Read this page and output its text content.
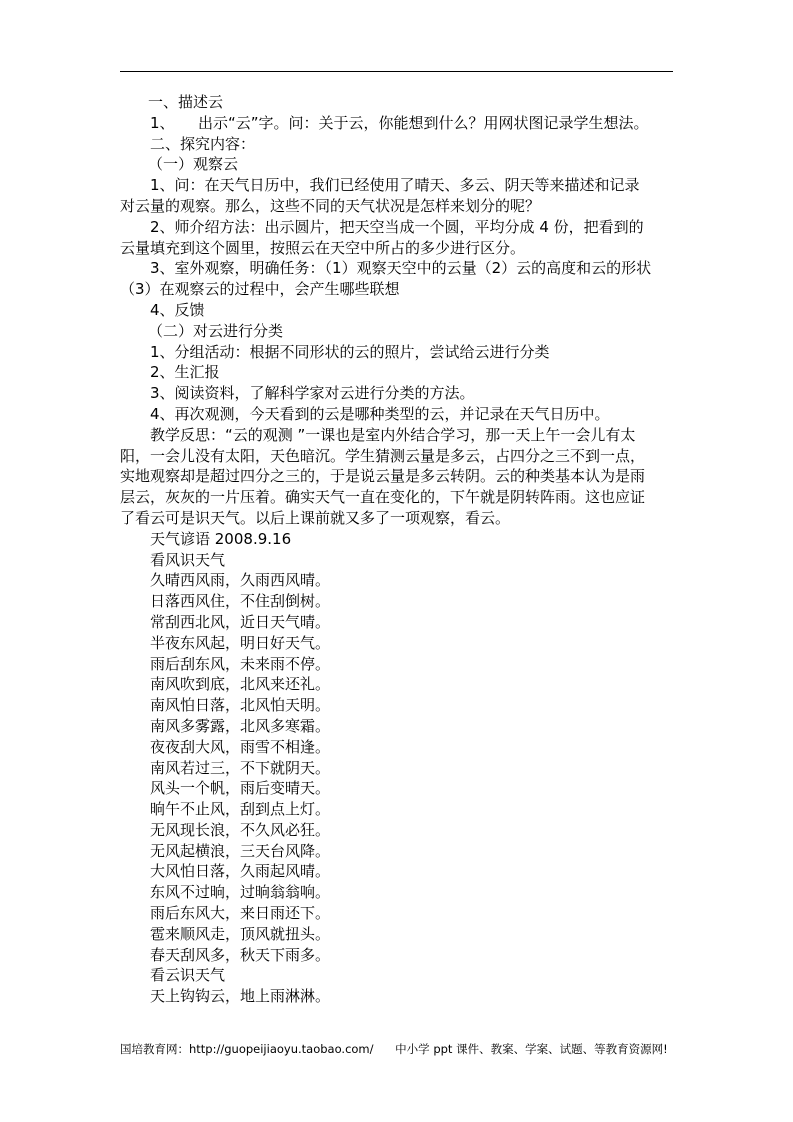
一、描述云
1、 出示“云”字。问：关于云，你能想到什么？用网状图记录学生想法。
二、探究内容：
（一）观察云
1、问：在天气日历中，我们已经使用了晴天、多云、阴天等来描述和记录
对云量的观察。那么，这些不同的天气状况是怎样来划分的呢？
2、师介绍方法：出示圆片，把天空当成一个圆，平均分成 4 份，把看到的
云量填充到这个圆里，按照云在天空中所占的多少进行区分。
3、室外观察，明确任务：（1）观察天空中的云量（2）云的高度和云的形状
（3）在观察云的过程中，会产生哪些联想
4、反馈
（二）对云进行分类
1、分组活动：根据不同形状的云的照片，尝试给云进行分类
2、生汇报
3、阅读资料，了解科学家对云进行分类的方法。
4、再次观测，今天看到的云是哪种类型的云，并记录在天气日历中。
教学反思：“云的观测 ”一课也是室内外结合学习，那一天上午一会儿有太
阳，一会儿没有太阳，天色暗沉。学生猜测云量是多云，占四分之三不到一点，
实地观察却是超过四分之三的，于是说云量是多云转阴。云的种类基本认为是雨
层云，灰灰的一片压着。确实天气一直在变化的，下午就是阴转阵雨。这也应证
了看云可是识天气。以后上课前就又多了一项观察，看云。
天气谚语 2008.9.16
看风识天气
久晴西风雨，久雨西风晴。
日落西风住，不住刮倒树。
常刮西北风，近日天气晴。
半夜东风起，明日好天气。
雨后刮东风，未来雨不停。
南风吹到底，北风来还礼。
南风怕日落，北风怕天明。
南风多雾露，北风多寒霜。
夜夜刮大风，雨雪不相逢。
南风若过三，不下就阴天。
风头一个帆，雨后变晴天。
晌午不止风，刮到点上灯。
无风现长浪，不久风必狂。
无风起横浪，三天台风降。
大风怕日落，久雨起风晴。
东风不过晌，过晌翁翁响。
雨后东风大，来日雨还下。
雹来顺风走，顶风就扭头。
春天刮风多，秋天下雨多。
看云识天气
天上钩钩云，地上雨淋淋。
国培教育网：http://guopeijiaoyu.taobao.com/ 中小学 ppt 课件、教案、学案、试题、等教育资源网!
